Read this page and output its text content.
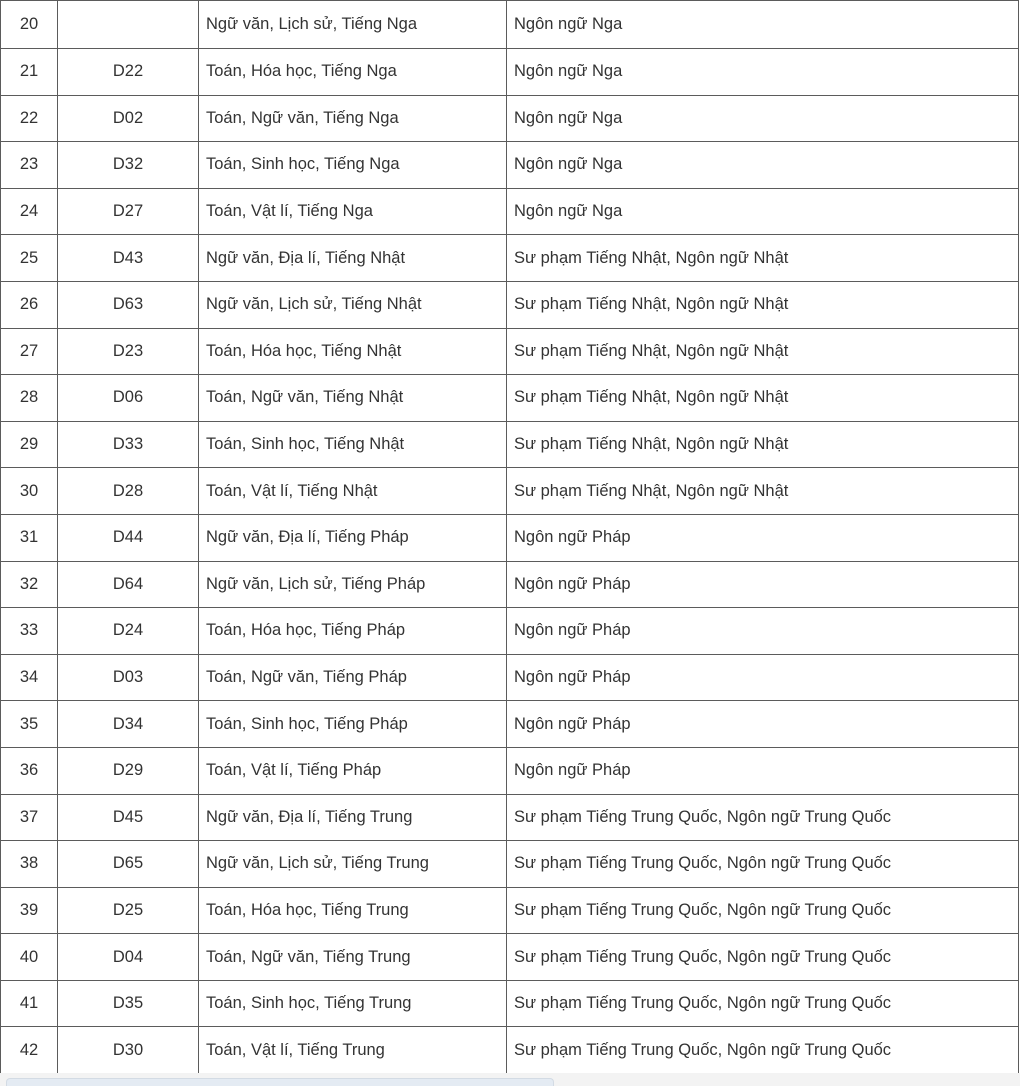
20		Ngữ văn, Lịch sử, Tiếng Nga	Ngôn ngữ Nga
21	D22	Toán, Hóa học, Tiếng Nga	Ngôn ngữ Nga
22	D02	Toán, Ngữ văn, Tiếng Nga	Ngôn ngữ Nga
23	D32	Toán, Sinh học, Tiếng Nga	Ngôn ngữ Nga
24	D27	Toán, Vật lí, Tiếng Nga	Ngôn ngữ Nga
25	D43	Ngữ văn, Địa lí, Tiếng Nhật	Sư phạm Tiếng Nhật, Ngôn ngữ Nhật
26	D63	Ngữ văn, Lịch sử, Tiếng Nhật	Sư phạm Tiếng Nhật, Ngôn ngữ Nhật
27	D23	Toán, Hóa học, Tiếng Nhật	Sư phạm Tiếng Nhật, Ngôn ngữ Nhật
28	D06	Toán, Ngữ văn, Tiếng Nhật	Sư phạm Tiếng Nhật, Ngôn ngữ Nhật
29	D33	Toán, Sinh học, Tiếng Nhật	Sư phạm Tiếng Nhật, Ngôn ngữ Nhật
30	D28	Toán, Vật lí, Tiếng Nhật	Sư phạm Tiếng Nhật, Ngôn ngữ Nhật
31	D44	Ngữ văn, Địa lí, Tiếng Pháp	Ngôn ngữ Pháp
32	D64	Ngữ văn, Lịch sử, Tiếng Pháp	Ngôn ngữ Pháp
33	D24	Toán, Hóa học, Tiếng Pháp	Ngôn ngữ Pháp
34	D03	Toán, Ngữ văn, Tiếng Pháp	Ngôn ngữ Pháp
35	D34	Toán, Sinh học, Tiếng Pháp	Ngôn ngữ Pháp
36	D29	Toán, Vật lí, Tiếng Pháp	Ngôn ngữ Pháp
37	D45	Ngữ văn, Địa lí, Tiếng Trung	Sư phạm Tiếng Trung Quốc, Ngôn ngữ Trung Quốc
38	D65	Ngữ văn, Lịch sử, Tiếng Trung	Sư phạm Tiếng Trung Quốc, Ngôn ngữ Trung Quốc
39	D25	Toán, Hóa học, Tiếng Trung	Sư phạm Tiếng Trung Quốc, Ngôn ngữ Trung Quốc
40	D04	Toán, Ngữ văn, Tiếng Trung	Sư phạm Tiếng Trung Quốc, Ngôn ngữ Trung Quốc
41	D35	Toán, Sinh học, Tiếng Trung	Sư phạm Tiếng Trung Quốc, Ngôn ngữ Trung Quốc
42	D30	Toán, Vật lí, Tiếng Trung	Sư phạm Tiếng Trung Quốc, Ngôn ngữ Trung Quốc
